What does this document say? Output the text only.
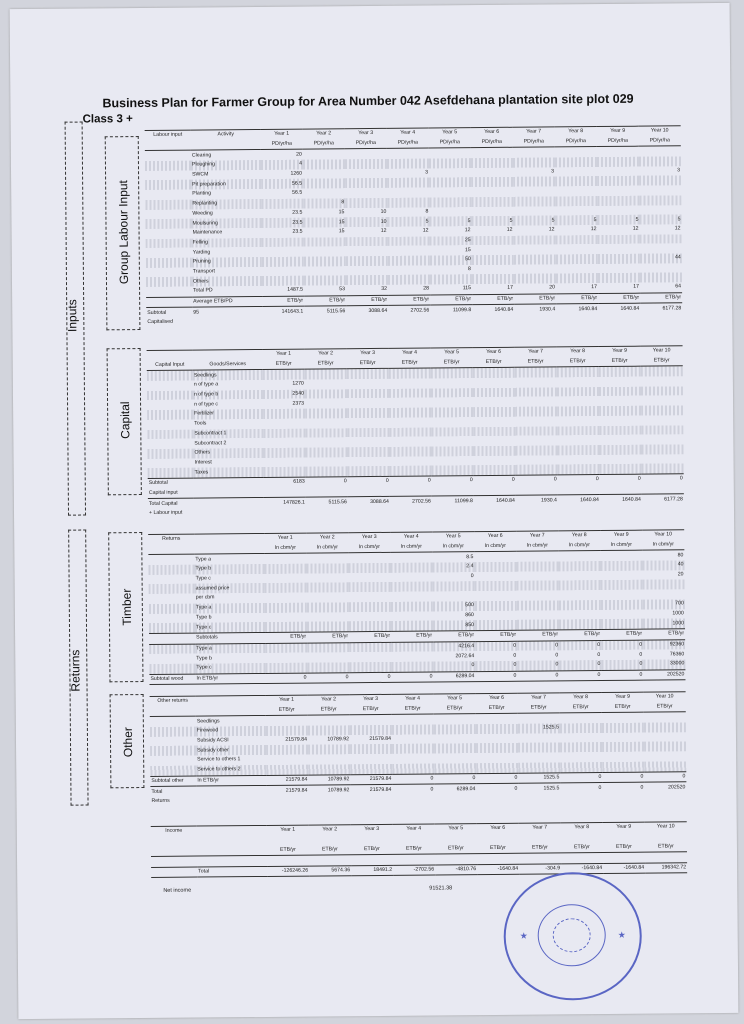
Business Plan for Farmer Group for Area Number 042 Asefdehana plantation site plot 029
Class 3 +
Inputs
Returns
Group Labour Input
Capital
Timber
Other
Labour input	Activity	Year 1	Year 2	Year 3	Year 4	Year 5	Year 6	Year 7	Year 8	Year 9	Year 10
		PD/yr/ha	PD/yr/ha	PD/yr/ha	PD/yr/ha	PD/yr/ha	PD/yr/ha	PD/yr/ha	PD/yr/ha	PD/yr/ha	PD/yr/ha
	Clearing	20									
	Ploughing	4									
	SWCM	1260			3			3			3
	Pit preparation	56.5									
	Planting	56.5									
	Replanting		8								
	Weeding	23.5	15	10	8						
	Moulsuring	23.5	15	10	5	5	5	5	5	5	5
	Maintenance	23.5	15	12	12	12	12	12	12	12	12
	Felling					25					
	Yarding					15					
	Pruning					50					44
	Transport					8					
	Others										
	Total PD	1487.5	53	32	28	115	17	20	17	17	64
	Average ETB/PD	ETB/yr	ETB/yr	ETB/yr	ETB/yr	ETB/yr	ETB/yr	ETB/yr	ETB/yr	ETB/yr	ETB/yr
Subtotal	95	141643.1	5115.56	3088.64	2702.56	11099.8	1640.84	1930.4	1640.84	1640.84	6177.28
Capitalised											
		Year 1	Year 2	Year 3	Year 4	Year 5	Year 6	Year 7	Year 8	Year 9	Year 10
Capital Input	Goods/Services	ETB/yr	ETB/yr	ETB/yr	ETB/yr	ETB/yr	ETB/yr	ETB/yr	ETB/yr	ETB/yr	ETB/yr
	Seedlings										
	n of type a	1270									
	n of type b	2540									
	n of type c	2373									
	Fertilizer										
	Tools										
	Subcontract 1										
	Subcontract 2										
	Others										
	Interest										
	Taxes										
Subtotal		6183	0	0	0	0	0	0	0	0	0
Capital input											
Total Capital		147826.1	5115.56	3088.64	2702.56	11099.8	1640.84	1930.4	1640.84	1640.84	6177.28
+ Labour input											
Returns		Year 1	Year 2	Year 3	Year 4	Year 5	Year 6	Year 7	Year 8	Year 9	Year 10
		In cbm/yr	In cbm/yr	In cbm/yr	In cbm/yr	In cbm/yr	In cbm/yr	In cbm/yr	In cbm/yr	In cbm/yr	In cbm/yr
	Type a					8.5					80
	Type b					2.4					40
	Type c					0					20
	assumed price										
	per cbm										
	Type a					500					700
	Type b					860					1000
	Type c					850					1000
	Subtotals	ETB/yr	ETB/yr	ETB/yr	ETB/yr	ETB/yr	ETB/yr	ETB/yr	ETB/yr	ETB/yr	ETB/yr
	Type a					4216.4	0	0	0	0	92360
	Type b					2072.64	0	0	0	0	76360
	Type c					0	0	0	0	0	33000
Subtotal wood	In ETB/yr	0	0	0	0	6289.04	0	0	0	0	202520
Other returns		Year 1	Year 2	Year 3	Year 4	Year 5	Year 6	Year 7	Year 8	Year 9	Year 10
		ETB/yr	ETB/yr	ETB/yr	ETB/yr	ETB/yr	ETB/yr	ETB/yr	ETB/yr	ETB/yr	ETB/yr
	Seedlings										
	Firewood							1525.5			
	Subsidy ACSI	21579.84	10789.92	21579.84							
	Subsidy other										
	Service to others 1										
	Service to others 2										
Subtotal other	In ETB/yr	21579.84	10789.92	21579.84	0	0	0	1525.5	0	0	0
Total		21579.84	10789.92	21579.84	0	6289.04	0	1525.5	0	0	202520
Returns											
Income		Year 1	Year 2	Year 3	Year 4	Year 5	Year 6	Year 7	Year 8	Year 9	Year 10

		ETB/yr	ETB/yr	ETB/yr	ETB/yr	ETB/yr	ETB/yr	ETB/yr	ETB/yr	ETB/yr	ETB/yr

	Total	-126246.26	5674.36	18491.2	-2702.56	-4810.76	-1640.84	-304.9	-1640.84	-1640.84	196342.72
Net income	91521.38
★	★
